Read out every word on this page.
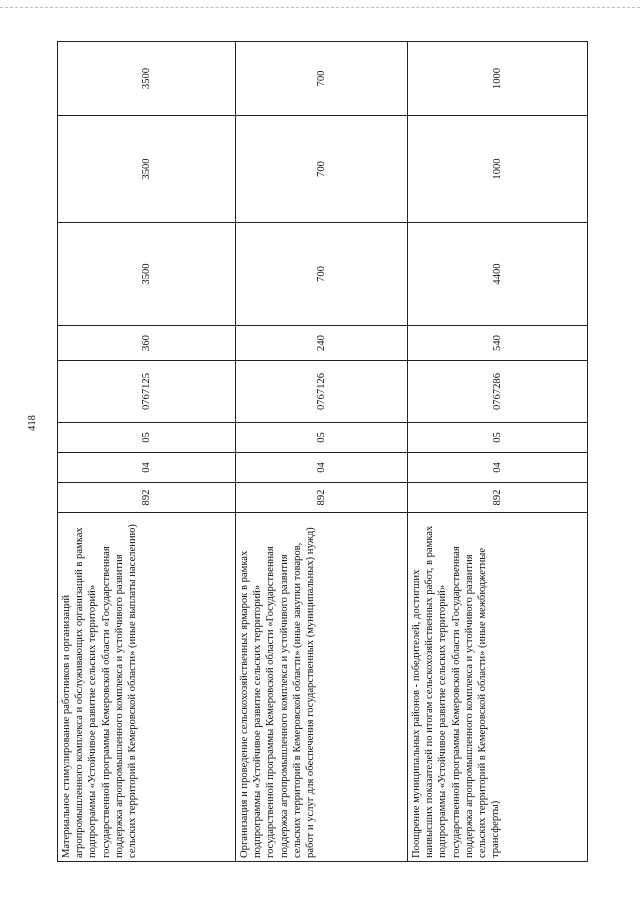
418
Материальное стимулирование работников и организаций агропромышленного комплекса и обслуживающих организаций в рамках подпрограммы «Устойчивое развитие сельских территорий» государственной программы Кемеровской области «Государственная поддержка агропромышленного комплекса и устойчивого развития сельских территорий в Кемеровской области» (иные выплаты населению)	892	04	05	0767125	360	3500	3500	3500
Организация и проведение сельскохозяйственных ярмарок в рамках подпрограммы «Устойчивое развитие сельских территорий» государственной программы Кемеровской области «Государственная поддержка агропромышленного комплекса и устойчивого развития сельских территорий в Кемеровской области» (иные закупки товаров, работ и услуг для обеспечения государственных (муниципальных) нужд)	892	04	05	0767126	240	700	700	700
Поощрение муниципальных районов - победителей, достигших наивысших показателей по итогам сельскохозяйственных работ, в рамках подпрограммы «Устойчивое развитие сельских территорий» государственной программы Кемеровской области «Государственная поддержка агропромышленного комплекса и устойчивого развития сельских территорий в Кемеровской области» (иные межбюджетные трансферты)	892	04	05	0767286	540	4400	1000	1000
